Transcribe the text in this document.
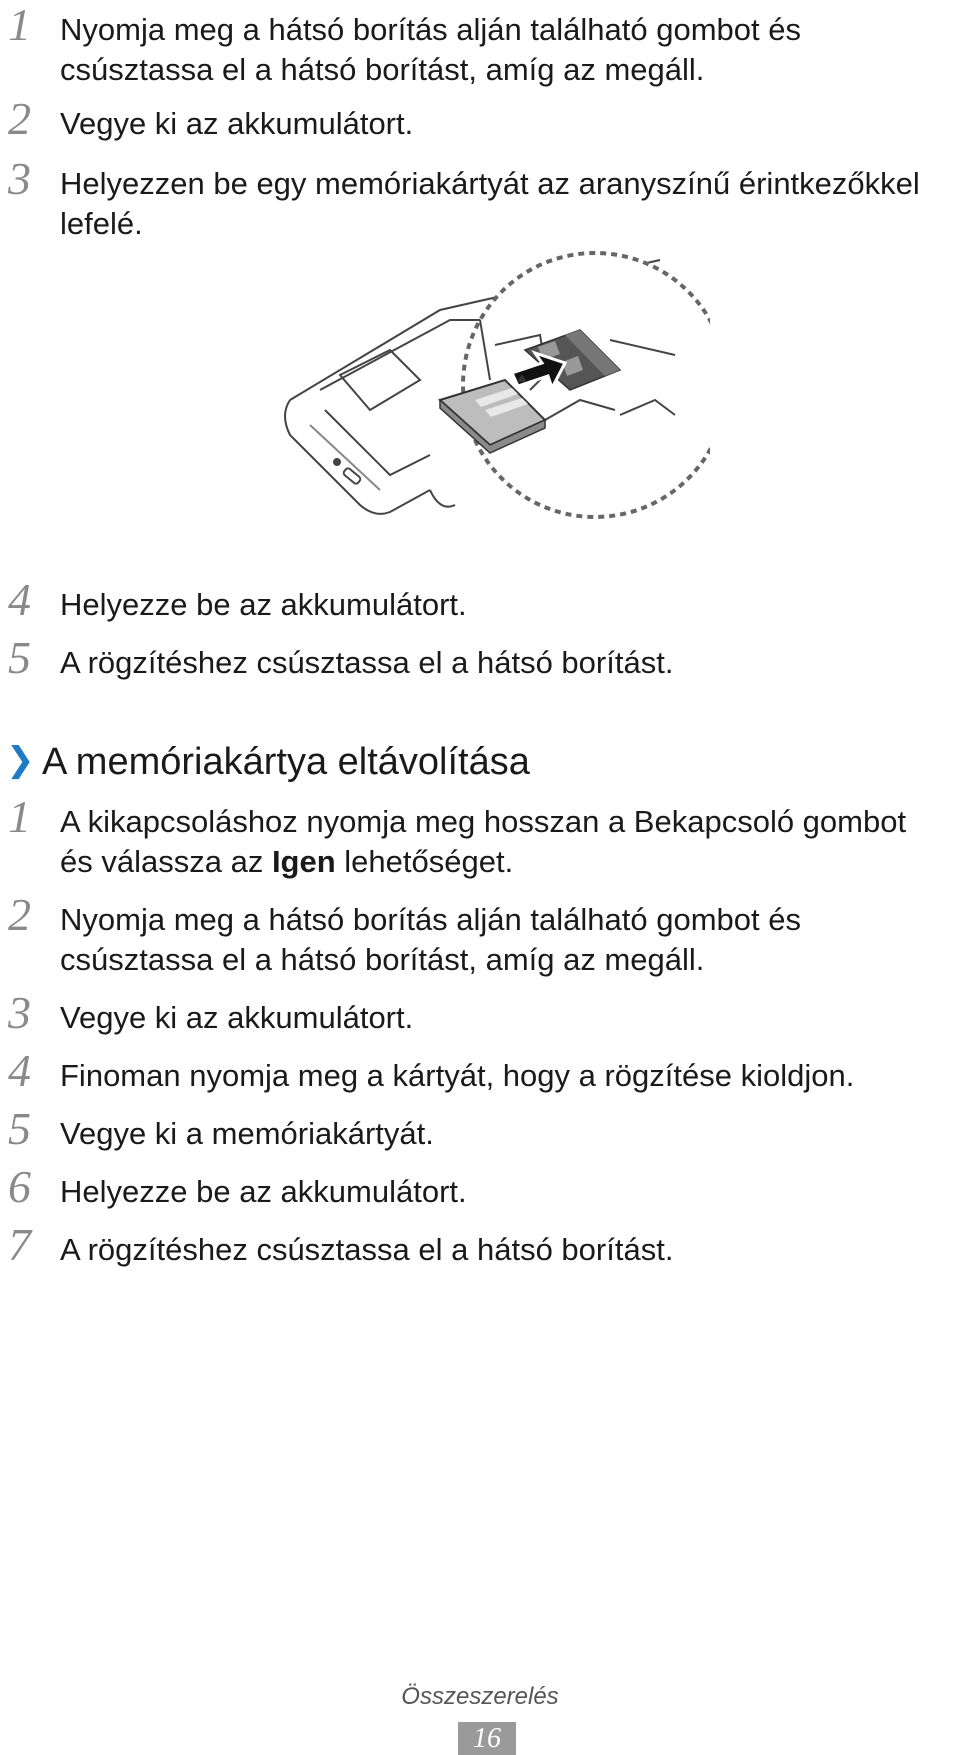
1 Nyomja meg a hátsó borítás alján található gombot és
csúsztassa el a hátsó borítást, amíg az megáll.
2 Vegye ki az akkumulátort.
3 Helyezzen be egy memóriakártyát az aranyszínű érintkezőkkel
lefelé.
4 Helyezze be az akkumulátort.
5 A rögzítéshez csúsztassa el a hátsó borítást.
❯ A memóriakártya eltávolítása
1 A kikapcsoláshoz nyomja meg hosszan a Bekapcsoló gombot
és válassza az Igen lehetőséget.
2 Nyomja meg a hátsó borítás alján található gombot és
csúsztassa el a hátsó borítást, amíg az megáll.
3 Vegye ki az akkumulátort.
4 Finoman nyomja meg a kártyát, hogy a rögzítése kioldjon.
5 Vegye ki a memóriakártyát.
6 Helyezze be az akkumulátort.
7 A rögzítéshez csúsztassa el a hátsó borítást.
Összeszerelés
16
